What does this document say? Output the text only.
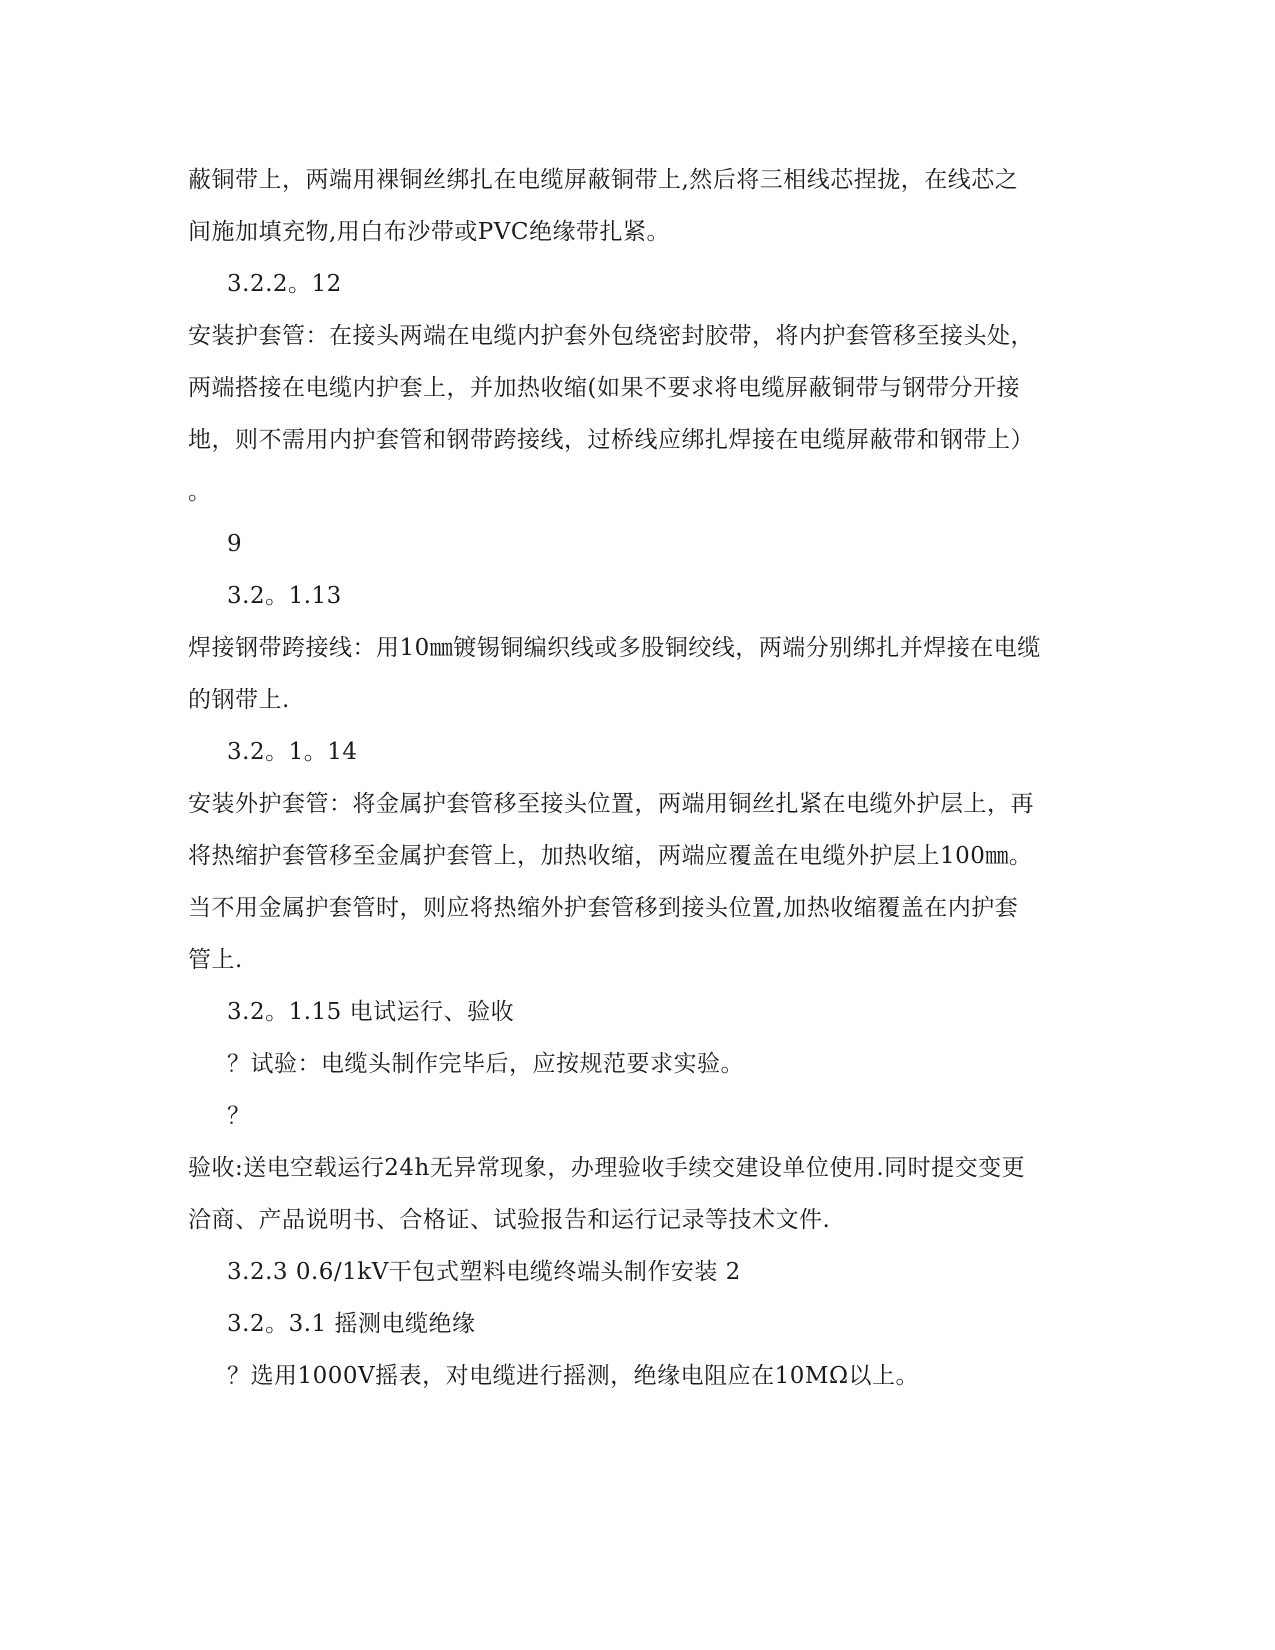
蔽铜带上，两端用裸铜丝绑扎在电缆屏蔽铜带上,然后将三相线芯捏拢，在线芯之
间施加填充物,用白布沙带或PVC绝缘带扎紧。
3.2.2。12
安装护套管：在接头两端在电缆内护套外包绕密封胶带，将内护套管移至接头处，
两端搭接在电缆内护套上，并加热收缩(如果不要求将电缆屏蔽铜带与钢带分开接
地，则不需用内护套管和钢带跨接线，过桥线应绑扎焊接在电缆屏蔽带和钢带上）
。
9
3.2。1.13
焊接钢带跨接线：用10㎜镀锡铜编织线或多股铜绞线，两端分别绑扎并焊接在电缆
的钢带上.
3.2。1。14
安装外护套管：将金属护套管移至接头位置，两端用铜丝扎紧在电缆外护层上，再
将热缩护套管移至金属护套管上，加热收缩，两端应覆盖在电缆外护层上100㎜。
当不用金属护套管时，则应将热缩外护套管移到接头位置,加热收缩覆盖在内护套
管上.
3.2。1.15 电试运行、验收
？试验：电缆头制作完毕后，应按规范要求实验。
？
验收:送电空载运行24h无异常现象，办理验收手续交建设单位使用.同时提交变更
洽商、产品说明书、合格证、试验报告和运行记录等技术文件.
3.2.3 0.6/1kV干包式塑料电缆终端头制作安装 2
3.2。3.1 摇测电缆绝缘
？选用1000V摇表，对电缆进行摇测，绝缘电阻应在10MΩ以上。
